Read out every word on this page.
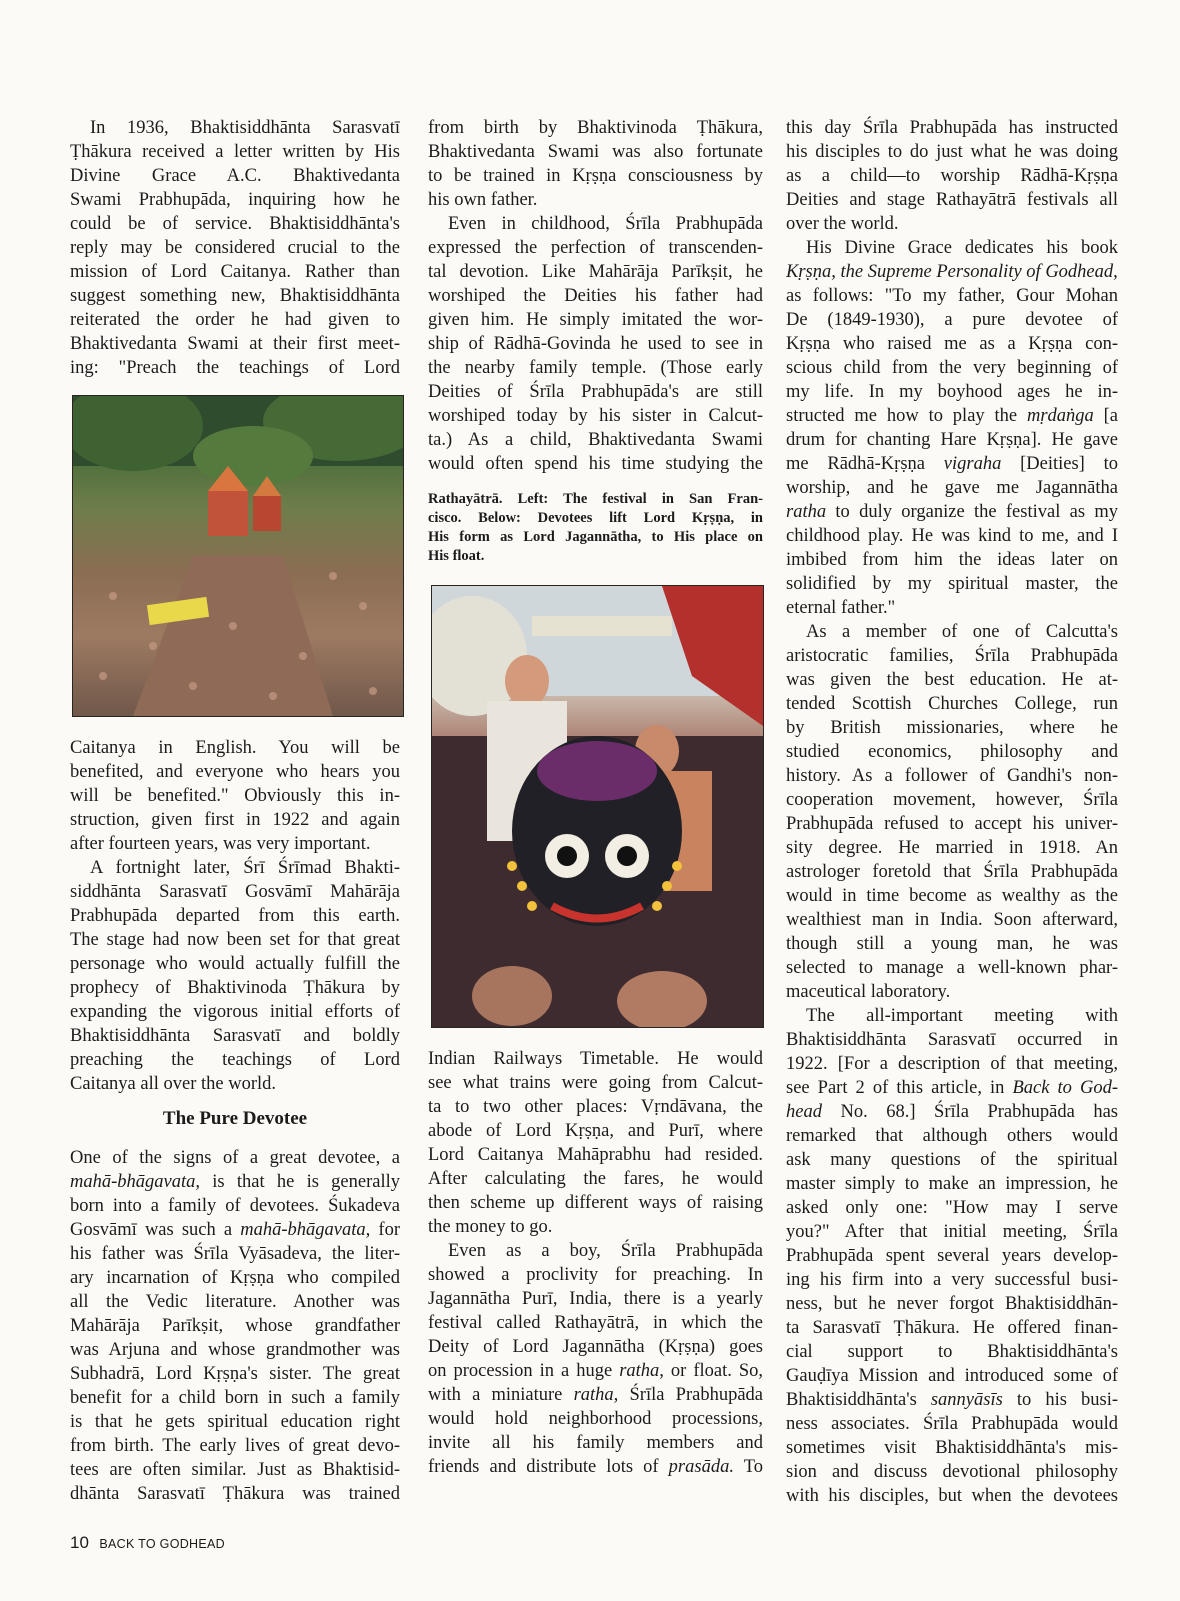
In 1936, Bhaktisiddhānta Sarasvatī
Ṭhākura received a letter written by His
Divine Grace A.C. Bhaktivedanta
Swami Prabhupāda, inquiring how he
could be of service. Bhaktisiddhānta's
reply may be considered crucial to the
mission of Lord Caitanya. Rather than
suggest something new, Bhaktisiddhānta
reiterated the order he had given to
Bhaktivedanta Swami at their first meet-
ing: "Preach the teachings of Lord

Caitanya in English. You will be
benefited, and everyone who hears you
will be benefited." Obviously this in-
struction, given first in 1922 and again
after fourteen years, was very important.

A fortnight later, Śrī Śrīmad Bhakti-
siddhānta Sarasvatī Gosvāmī Mahārāja
Prabhupāda departed from this earth.
The stage had now been set for that great
personage who would actually fulfill the
prophecy of Bhaktivinoda Ṭhākura by
expanding the vigorous initial efforts of
Bhaktisiddhānta Sarasvatī and boldly
preaching the teachings of Lord
Caitanya all over the world.

The Pure Devotee

One of the signs of a great devotee, a
mahā-bhāgavata, is that he is generally
born into a family of devotees. Śukadeva
Gosvāmī was such a mahā-bhāgavata, for
his father was Śrīla Vyāsadeva, the liter-
ary incarnation of Kṛṣṇa who compiled
all the Vedic literature. Another was
Mahārāja Parīkṣit, whose grandfather
was Arjuna and whose grandmother was
Subhadrā, Lord Kṛṣṇa's sister. The great
benefit for a child born in such a family
is that he gets spiritual education right
from birth. The early lives of great devo-
tees are often similar. Just as Bhaktisid-
dhānta Sarasvatī Ṭhākura was trained

from birth by Bhaktivinoda Ṭhākura,
Bhaktivedanta Swami was also fortunate
to be trained in Kṛṣṇa consciousness by
his own father.

Even in childhood, Śrīla Prabhupāda
expressed the perfection of transcenden-
tal devotion. Like Mahārāja Parīkṣit, he
worshiped the Deities his father had
given him. He simply imitated the wor-
ship of Rādhā-Govinda he used to see in
the nearby family temple. (Those early
Deities of Śrīla Prabhupāda's are still
worshiped today by his sister in Calcut-
ta.) As a child, Bhaktivedanta Swami
would often spend his time studying the

Rathayātrā. Left: The festival in San Fran-
cisco. Below: Devotees lift Lord Kṛṣṇa, in
His form as Lord Jagannātha, to His place on
His float.

Indian Railways Timetable. He would
see what trains were going from Calcut-
ta to two other places: Vṛndāvana, the
abode of Lord Kṛṣṇa, and Purī, where
Lord Caitanya Mahāprabhu had resided.
After calculating the fares, he would
then scheme up different ways of raising
the money to go.

Even as a boy, Śrīla Prabhupāda
showed a proclivity for preaching. In
Jagannātha Purī, India, there is a yearly
festival called Rathayātrā, in which the
Deity of Lord Jagannātha (Kṛṣṇa) goes
on procession in a huge ratha, or float. So,
with a miniature ratha, Śrīla Prabhupāda
would hold neighborhood processions,
invite all his family members and
friends and distribute lots of prasāda. To

this day Śrīla Prabhupāda has instructed
his disciples to do just what he was doing
as a child—to worship Rādhā-Kṛṣṇa
Deities and stage Rathayātrā festivals all
over the world.

His Divine Grace dedicates his book
Kṛṣṇa, the Supreme Personality of Godhead,
as follows: "To my father, Gour Mohan
De (1849-1930), a pure devotee of
Kṛṣṇa who raised me as a Kṛṣṇa con-
scious child from the very beginning of
my life. In my boyhood ages he in-
structed me how to play the mṛdaṅga [a
drum for chanting Hare Kṛṣṇa]. He gave
me Rādhā-Kṛṣṇa vigraha [Deities] to
worship, and he gave me Jagannātha
ratha to duly organize the festival as my
childhood play. He was kind to me, and I
imbibed from him the ideas later on
solidified by my spiritual master, the
eternal father."

As a member of one of Calcutta's
aristocratic families, Śrīla Prabhupāda
was given the best education. He at-
tended Scottish Churches College, run
by British missionaries, where he
studied economics, philosophy and
history. As a follower of Gandhi's non-
cooperation movement, however, Śrīla
Prabhupāda refused to accept his univer-
sity degree. He married in 1918. An
astrologer foretold that Śrīla Prabhupāda
would in time become as wealthy as the
wealthiest man in India. Soon afterward,
though still a young man, he was
selected to manage a well-known phar-
maceutical laboratory.

The all-important meeting with
Bhaktisiddhānta Sarasvatī occurred in
1922. [For a description of that meeting,
see Part 2 of this article, in Back to God-
head No. 68.] Śrīla Prabhupāda has
remarked that although others would
ask many questions of the spiritual
master simply to make an impression, he
asked only one: "How may I serve
you?" After that initial meeting, Śrīla
Prabhupāda spent several years develop-
ing his firm into a very successful busi-
ness, but he never forgot Bhaktisiddhān-
ta Sarasvatī Ṭhākura. He offered finan-
cial support to Bhaktisiddhānta's
Gauḍīya Mission and introduced some of
Bhaktisiddhānta's sannyāsīs to his busi-
ness associates. Śrīla Prabhupāda would
sometimes visit Bhaktisiddhānta's mis-
sion and discuss devotional philosophy
with his disciples, but when the devotees

10 BACK TO GODHEAD
